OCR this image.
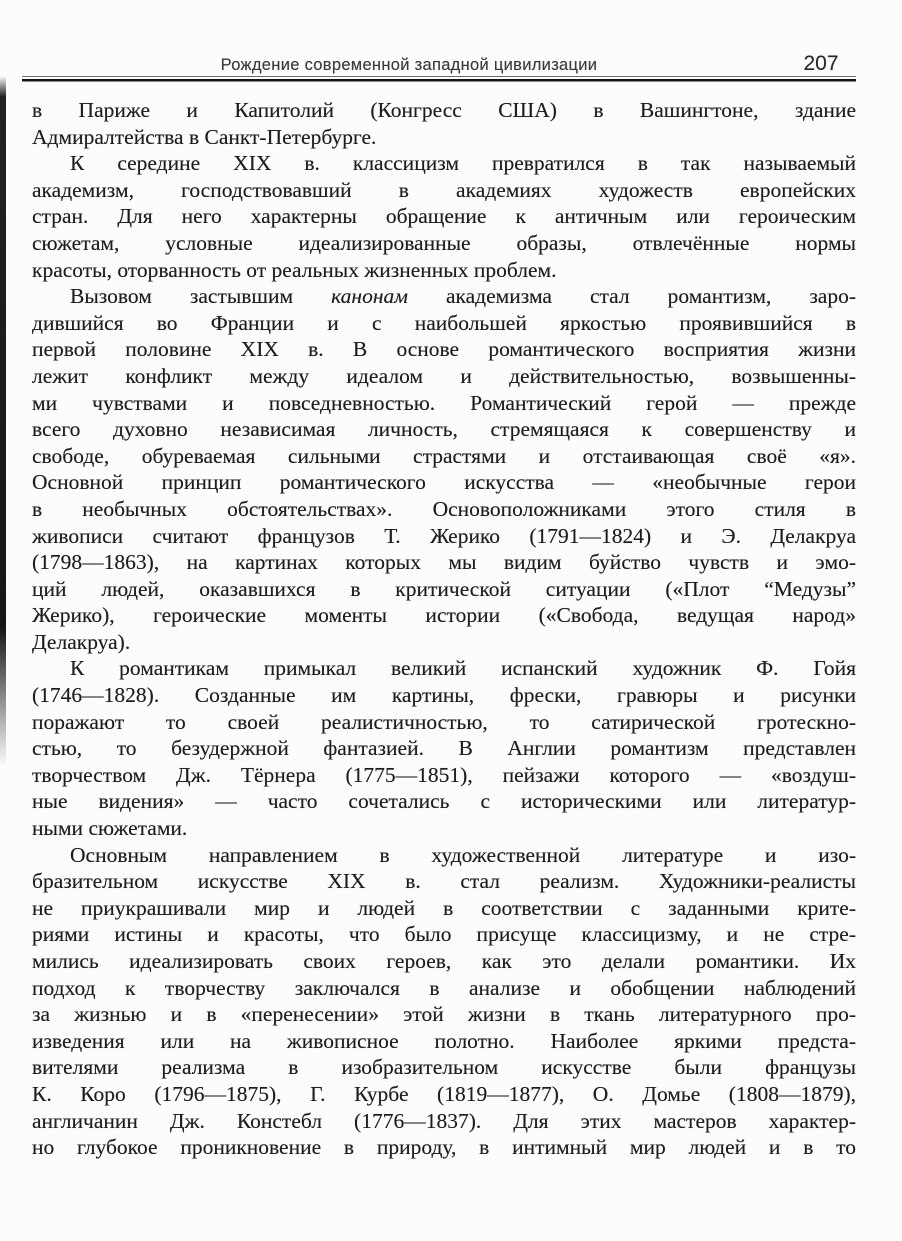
Рождение современной западной цивилизации	207
в Париже и Капитолий (Конгресс США) в Вашингтоне, здание
Адмиралтейства в Санкт-Петербурге.
К середине XIX в. классицизм превратился в так называемый
академизм, господствовавший в академиях художеств европейских
стран. Для него характерны обращение к античным или героическим
сюжетам, условные идеализированные образы, отвлечённые нормы
красоты, оторванность от реальных жизненных проблем.
Вызовом застывшим канонам академизма стал романтизм, заро-
дившийся во Франции и с наибольшей яркостью проявившийся в
первой половине XIX в. В основе романтического восприятия жизни
лежит конфликт между идеалом и действительностью, возвышенны-
ми чувствами и повседневностью. Романтический герой — прежде
всего духовно независимая личность, стремящаяся к совершенству и
свободе, обуреваемая сильными страстями и отстаивающая своё «я».
Основной принцип романтического искусства — «необычные герои
в необычных обстоятельствах». Основоположниками этого стиля в
живописи считают французов Т. Жерико (1791—1824) и Э. Делакруа
(1798—1863), на картинах которых мы видим буйство чувств и эмо-
ций людей, оказавшихся в критической ситуации («Плот “Медузы”
Жерико), героические моменты истории («Свобода, ведущая народ»
Делакруа).
К романтикам примыкал великий испанский художник Ф. Гойя
(1746—1828). Созданные им картины, фрески, гравюры и рисунки
поражают то своей реалистичностью, то сатирической гротескно-
стью, то безудержной фантазией. В Англии романтизм представлен
творчеством Дж. Тёрнера (1775—1851), пейзажи которого — «воздуш-
ные видения» — часто сочетались с историческими или литератур-
ными сюжетами.
Основным направлением в художественной литературе и изо-
бразительном искусстве XIX в. стал реализм. Художники-реалисты
не приукрашивали мир и людей в соответствии с заданными крите-
риями истины и красоты, что было присуще классицизму, и не стре-
мились идеализировать своих героев, как это делали романтики. Их
подход к творчеству заключался в анализе и обобщении наблюдений
за жизнью и в «перенесении» этой жизни в ткань литературного про-
изведения или на живописное полотно. Наиболее яркими предста-
вителями реализма в изобразительном искусстве были французы
К. Коро (1796—1875), Г. Курбе (1819—1877), О. Домье (1808—1879),
англичанин Дж. Констебл (1776—1837). Для этих мастеров характер-
но глубокое проникновение в природу, в интимный мир людей и в то
